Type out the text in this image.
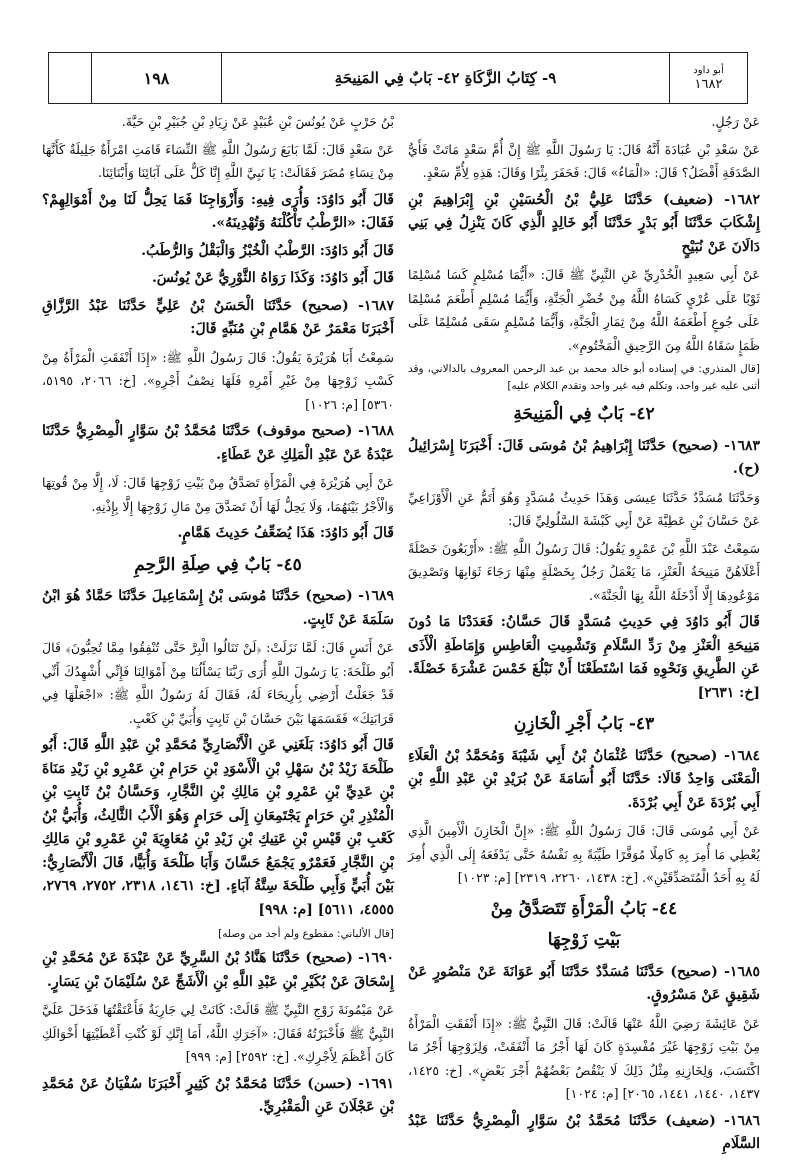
أبو داود
١٦٨٢
٩- كِتَابُ الزَّكَاةِ ٤٢- بَابٌ فِي المَنِيحَةِ
١٩٨

عَنْ رَجُلٍ.

عَنْ سَعْدِ بْنِ عُبَادَةَ أَنَّهُ قَالَ: يَا رَسُولَ اللَّهِ ﷺ إِنَّ أُمَّ سَعْدٍ مَاتَتْ فَأَيُّ الصَّدَقَةِ أَفْضَلُ؟ قَالَ: «الْمَاءُ» قَالَ: فَحَفَرَ بِئْرًا وَقَالَ: هَذِهِ لِأُمِّ سَعْدٍ.

١٦٨٢- (ضعيف) حَدَّثَنَا عَلِيُّ بْنُ الْحُسَيْنِ بْنِ إِبْرَاهِيمَ بْنِ إِشْكَابَ حَدَّثَنَا أَبُو بَدْرٍ حَدَّثَنَا أَبُو خَالِدٍ الَّذِي كَانَ يَنْزِلُ فِي بَنِي دَالَانَ عَنْ نُبَيْحٍ

عَنْ أَبِي سَعِيدٍ الْخُدْرِيِّ عَنِ النَّبِيِّ ﷺ قَالَ: «أَيُّمَا مُسْلِمٍ كَسَا مُسْلِمًا ثَوْبًا عَلَى عُرْيٍ كَسَاهُ اللَّهُ مِنْ خُضْرِ الْجَنَّةِ، وَأَيُّمَا مُسْلِمٍ أَطْعَمَ مُسْلِمًا عَلَى جُوعٍ أَطْعَمَهُ اللَّهُ مِنْ ثِمَارِ الْجَنَّةِ، وَأَيُّمَا مُسْلِمٍ سَقَى مُسْلِمًا عَلَى ظَمَإٍ سَقَاهُ اللَّهُ مِنَ الرَّحِيقِ الْمَخْتُومِ».

[قال المنذري: في إسناده أبو خالد محمد بن عبد الرحمن المعروف بالدالاني، وقد أثنى عليه غير واحد، وتكلم فيه غير واحد وتقدم الكلام عليه]

٤٢- بَابٌ فِي الْمَنِيحَةِ

١٦٨٣- (صحيح) حَدَّثَنَا إِبْرَاهِيمُ بْنُ مُوسَى قَالَ: أَخْبَرَنَا إِسْرَائِيلُ (ح).

وَحَدَّثَنَا مُسَدَّدٌ حَدَّثَنَا عِيسَى وَهَذَا حَدِيثُ مُسَدَّدٍ وَهُوَ أَتَمُّ عَنِ الْأَوْزَاعِيِّ عَنْ حَسَّانَ بْنِ عَطِيَّةَ عَنْ أَبِي كَبْشَةَ السَّلُولِيِّ قَالَ:

سَمِعْتُ عَبْدَ اللَّهِ بْنَ عَمْرٍو يَقُولُ: قَالَ رَسُولُ اللَّهِ ﷺ: «أَرْبَعُونَ خَصْلَةً أَعْلَاهُنَّ مَنِيحَةُ الْعَنْزِ، مَا يَعْمَلُ رَجُلٌ بِخَصْلَةٍ مِنْهَا رَجَاءَ ثَوَابِهَا وَتَصْدِيقَ مَوْعُودِهَا إِلَّا أَدْخَلَهُ اللَّهُ بِهَا الْجَنَّةَ».

قَالَ أَبُو دَاوُدَ فِي حَدِيثِ مُسَدَّدٍ قَالَ حَسَّانُ: فَعَدَدْنَا مَا دُونَ مَنِيحَةِ الْعَنْزِ مِنْ رَدِّ السَّلَامِ وَتَشْمِيتِ الْعَاطِسِ وَإِمَاطَةِ الْأَذَى عَنِ الطَّرِيقِ وَنَحْوِهِ فَمَا اسْتَطَعْنَا أَنْ نَبْلُغَ خَمْسَ عَشْرَةَ خَصْلَةً. [خ: ٢٦٣١]

٤٣- بَابُ أَجْرِ الْخَازِنِ

١٦٨٤- (صحيح) حَدَّثَنَا عُثْمَانُ بْنُ أَبِي شَيْبَةَ وَمُحَمَّدُ بْنُ الْعَلَاءِ الْمَعْنَى وَاحِدٌ قَالَا: حَدَّثَنَا أَبُو أُسَامَةَ عَنْ بُرَيْدِ بْنِ عَبْدِ اللَّهِ بْنِ أَبِي بُرْدَةَ عَنْ أَبِي بُرْدَةَ.

عَنْ أَبِي مُوسَى قَالَ: قَالَ رَسُولُ اللَّهِ ﷺ: «إِنَّ الْخَازِنَ الْأَمِينَ الَّذِي يُعْطِي مَا أُمِرَ بِهِ كَامِلًا مُوَفَّرًا طَيِّبَةً بِهِ نَفْسُهُ حَتَّى يَدْفَعَهُ إِلَى الَّذِي أُمِرَ لَهُ بِهِ أَحَدُ الْمُتَصَدِّقَيْنِ». [خ: ١٤٣٨، ٢٢٦٠، ٢٣١٩] [م: ١٠٢٣]

٤٤- بَابُ الْمَرْأَةِ تَتَصَدَّقُ مِنْ
بَيْتِ زَوْجِهَا

١٦٨٥- (صحيح) حَدَّثَنَا مُسَدَّدٌ حَدَّثَنَا أَبُو عَوَانَةَ عَنْ مَنْصُورٍ عَنْ شَقِيقٍ عَنْ مَسْرُوقٍ.

عَنْ عَائِشَةَ رَضِيَ اللَّهُ عَنْهَا قَالَتْ: قَالَ النَّبِيُّ ﷺ: «إِذَا أَنْفَقَتِ الْمَرْأَةُ مِنْ بَيْتِ زَوْجِهَا غَيْرَ مُفْسِدَةٍ كَانَ لَهَا أَجْرُ مَا أَنْفَقَتْ، وَلِزَوْجِهَا أَجْرُ مَا اكْتَسَبَ، وَلِخَازِنِهِ مِثْلُ ذَلِكَ لَا يَنْقُصُ بَعْضُهُمْ أَجْرَ بَعْضٍ». [خ: ١٤٢٥، ١٤٣٧، ١٤٤٠، ١٤٤١، ٢٠٦٥] [م: ١٠٢٤]

١٦٨٦- (ضعيف) حَدَّثَنَا مُحَمَّدُ بْنُ سَوَّارٍ الْمِصْرِيُّ حَدَّثَنَا عَبْدُ السَّلَامِ

بْنُ حَرْبٍ عَنْ يُونُسَ بْنِ عُبَيْدٍ عَنْ زِيَادِ بْنِ جُبَيْرِ بْنِ حَيَّةَ.

عَنْ سَعْدٍ قَالَ: لَمَّا بَايَعَ رَسُولُ اللَّهِ ﷺ النِّسَاءَ قَامَتِ امْرَأَةٌ جَلِيلَةٌ كَأَنَّهَا مِنْ نِسَاءِ مُضَرَ فَقَالَتْ: يَا نَبِيَّ اللَّهِ إِنَّا كَلٌّ عَلَى آبَائِنَا وَأَبْنَائِنَا.

قَالَ أَبُو دَاوُدَ: وَأُرَى فِيهِ: وَأَزْوَاجِنَا فَمَا يَحِلُّ لَنَا مِنْ أَمْوَالِهِمْ؟ فَقَالَ: «الرَّطْبُ تَأْكُلْنَهُ وَتُهْدِينَهُ».

قَالَ أَبُو دَاوُدَ: الرَّطْبُ الْخُبْزُ وَالْبَقْلُ وَالرُّطَبُ.

قَالَ أَبُو دَاوُدَ: وَكَذَا رَوَاهُ الثَّوْرِيُّ عَنْ يُونُسَ.

١٦٨٧- (صحيح) حَدَّثَنَا الْحَسَنُ بْنُ عَلِيٍّ حَدَّثَنَا عَبْدُ الرَّزَّاقِ أَخْبَرَنَا مَعْمَرٌ عَنْ هَمَّامِ بْنِ مُنَبِّهٍ قَالَ:

سَمِعْتُ أَبَا هُرَيْرَةَ يَقُولُ: قَالَ رَسُولُ اللَّهِ ﷺ: «إِذَا أَنْفَقَتِ الْمَرْأَةُ مِنْ كَسْبِ زَوْجِهَا مِنْ غَيْرِ أَمْرِهِ فَلَهَا نِصْفُ أَجْرِهِ». [خ: ٢٠٦٦، ٥١٩٥، ٥٣٦٠] [م: ١٠٢٦]

١٦٨٨- (صحيح موقوف) حَدَّثَنَا مُحَمَّدُ بْنُ سَوَّارٍ الْمِصْرِيُّ حَدَّثَنَا عَبْدَةُ عَنْ عَبْدِ الْمَلِكِ عَنْ عَطَاءٍ.

عَنْ أَبِي هُرَيْرَةَ فِي الْمَرْأَةِ تَصَدَّقُ مِنْ بَيْتِ زَوْجِهَا قَالَ: لَا، إِلَّا مِنْ قُوتِهَا وَالْأَجْرُ بَيْنَهُمَا، وَلَا يَحِلُّ لَهَا أَنْ تَصَدَّقَ مِنْ مَالِ زَوْجِهَا إِلَّا بِإِذْنِهِ.

قَالَ أَبُو دَاوُدَ: هَذَا يُضَعِّفُ حَدِيثَ هَمَّامٍ.

٤٥- بَابٌ فِي صِلَةِ الرَّحِمِ

١٦٨٩- (صحيح) حَدَّثَنَا مُوسَى بْنُ إِسْمَاعِيلَ حَدَّثَنَا حَمَّادٌ هُوَ ابْنُ سَلَمَةَ عَنْ ثَابِتٍ.

عَنْ أَنَسٍ قَالَ: لَمَّا نَزَلَتْ: ﴿لَنْ تَنَالُوا الْبِرَّ حَتَّى تُنْفِقُوا مِمَّا تُحِبُّونَ﴾ قَالَ أَبُو طَلْحَةَ: يَا رَسُولَ اللَّهِ أُرَى رَبَّنَا يَسْأَلُنَا مِنْ أَمْوَالِنَا فَإِنِّي أُشْهِدُكَ أَنِّي قَدْ جَعَلْتُ أَرْضِي بِأَرِيحَاءَ لَهُ، فَقَالَ لَهُ رَسُولُ اللَّهِ ﷺ: «اجْعَلْهَا فِي قَرَابَتِكَ» فَقَسَمَهَا بَيْنَ حَسَّانَ بْنِ ثَابِتٍ وَأُبَيِّ بْنِ كَعْبٍ.

قَالَ أَبُو دَاوُدَ: بَلَغَنِي عَنِ الْأَنْصَارِيِّ مُحَمَّدِ بْنِ عَبْدِ اللَّهِ قَالَ: أَبُو طَلْحَةَ زَيْدُ بْنُ سَهْلِ بْنِ الْأَسْوَدِ بْنِ حَرَامِ بْنِ عَمْرِو بْنِ زَيْدِ مَنَاةَ بْنِ عَدِيِّ بْنِ عَمْرِو بْنِ مَالِكِ بْنِ النَّجَّارِ، وَحَسَّانُ بْنُ ثَابِتِ بْنِ الْمُنْذِرِ بْنِ حَرَامٍ يَجْتَمِعَانِ إِلَى حَرَامٍ وَهُوَ الْأَبُ الثَّالِثُ، وَأُبَيُّ بْنُ كَعْبِ بْنِ قَيْسِ بْنِ عَتِيكِ بْنِ زَيْدِ بْنِ مُعَاوِيَةَ بْنِ عَمْرِو بْنِ مَالِكِ بْنِ النَّجَّارِ فَعَمْرٌو يَجْمَعُ حَسَّانَ وَأَبَا طَلْحَةَ وَأُبَيًّا، قَالَ الْأَنْصَارِيُّ: بَيْنَ أُبَيٍّ وَأَبِي طَلْحَةَ سِتَّةُ آبَاءٍ. [خ: ١٤٦١، ٢٣١٨، ٢٧٥٢، ٢٧٦٩، ٤٥٥٥، ٥٦١١] [م: ٩٩٨]

[قال الألباني: مقطوع ولم أجد من وصله]

١٦٩٠- (صحيح) حَدَّثَنَا هَنَّادُ بْنُ السَّرِيِّ عَنْ عَبْدَةَ عَنْ مُحَمَّدِ بْنِ إِسْحَاقَ عَنْ بُكَيْرِ بْنِ عَبْدِ اللَّهِ بْنِ الْأَشَجِّ عَنْ سُلَيْمَانَ بْنِ يَسَارٍ.

عَنْ مَيْمُونَةَ زَوْجِ النَّبِيِّ ﷺ قَالَتْ: كَانَتْ لِي جَارِيَةٌ فَأَعْتَقْتُهَا فَدَخَلَ عَلَيَّ النَّبِيُّ ﷺ فَأَخْبَرْتُهُ فَقَالَ: «آجَرَكِ اللَّهُ، أَمَا إِنَّكِ لَوْ كُنْتِ أَعْطَيْتِهَا أَخْوَالَكِ كَانَ أَعْظَمَ لِأَجْرِكِ». [خ: ٢٥٩٢] [م: ٩٩٩]

١٦٩١- (حسن) حَدَّثَنَا مُحَمَّدُ بْنُ كَثِيرٍ أَخْبَرَنَا سُفْيَانُ عَنْ مُحَمَّدِ بْنِ عَجْلَانَ عَنِ الْمَقْبُرِيِّ.
